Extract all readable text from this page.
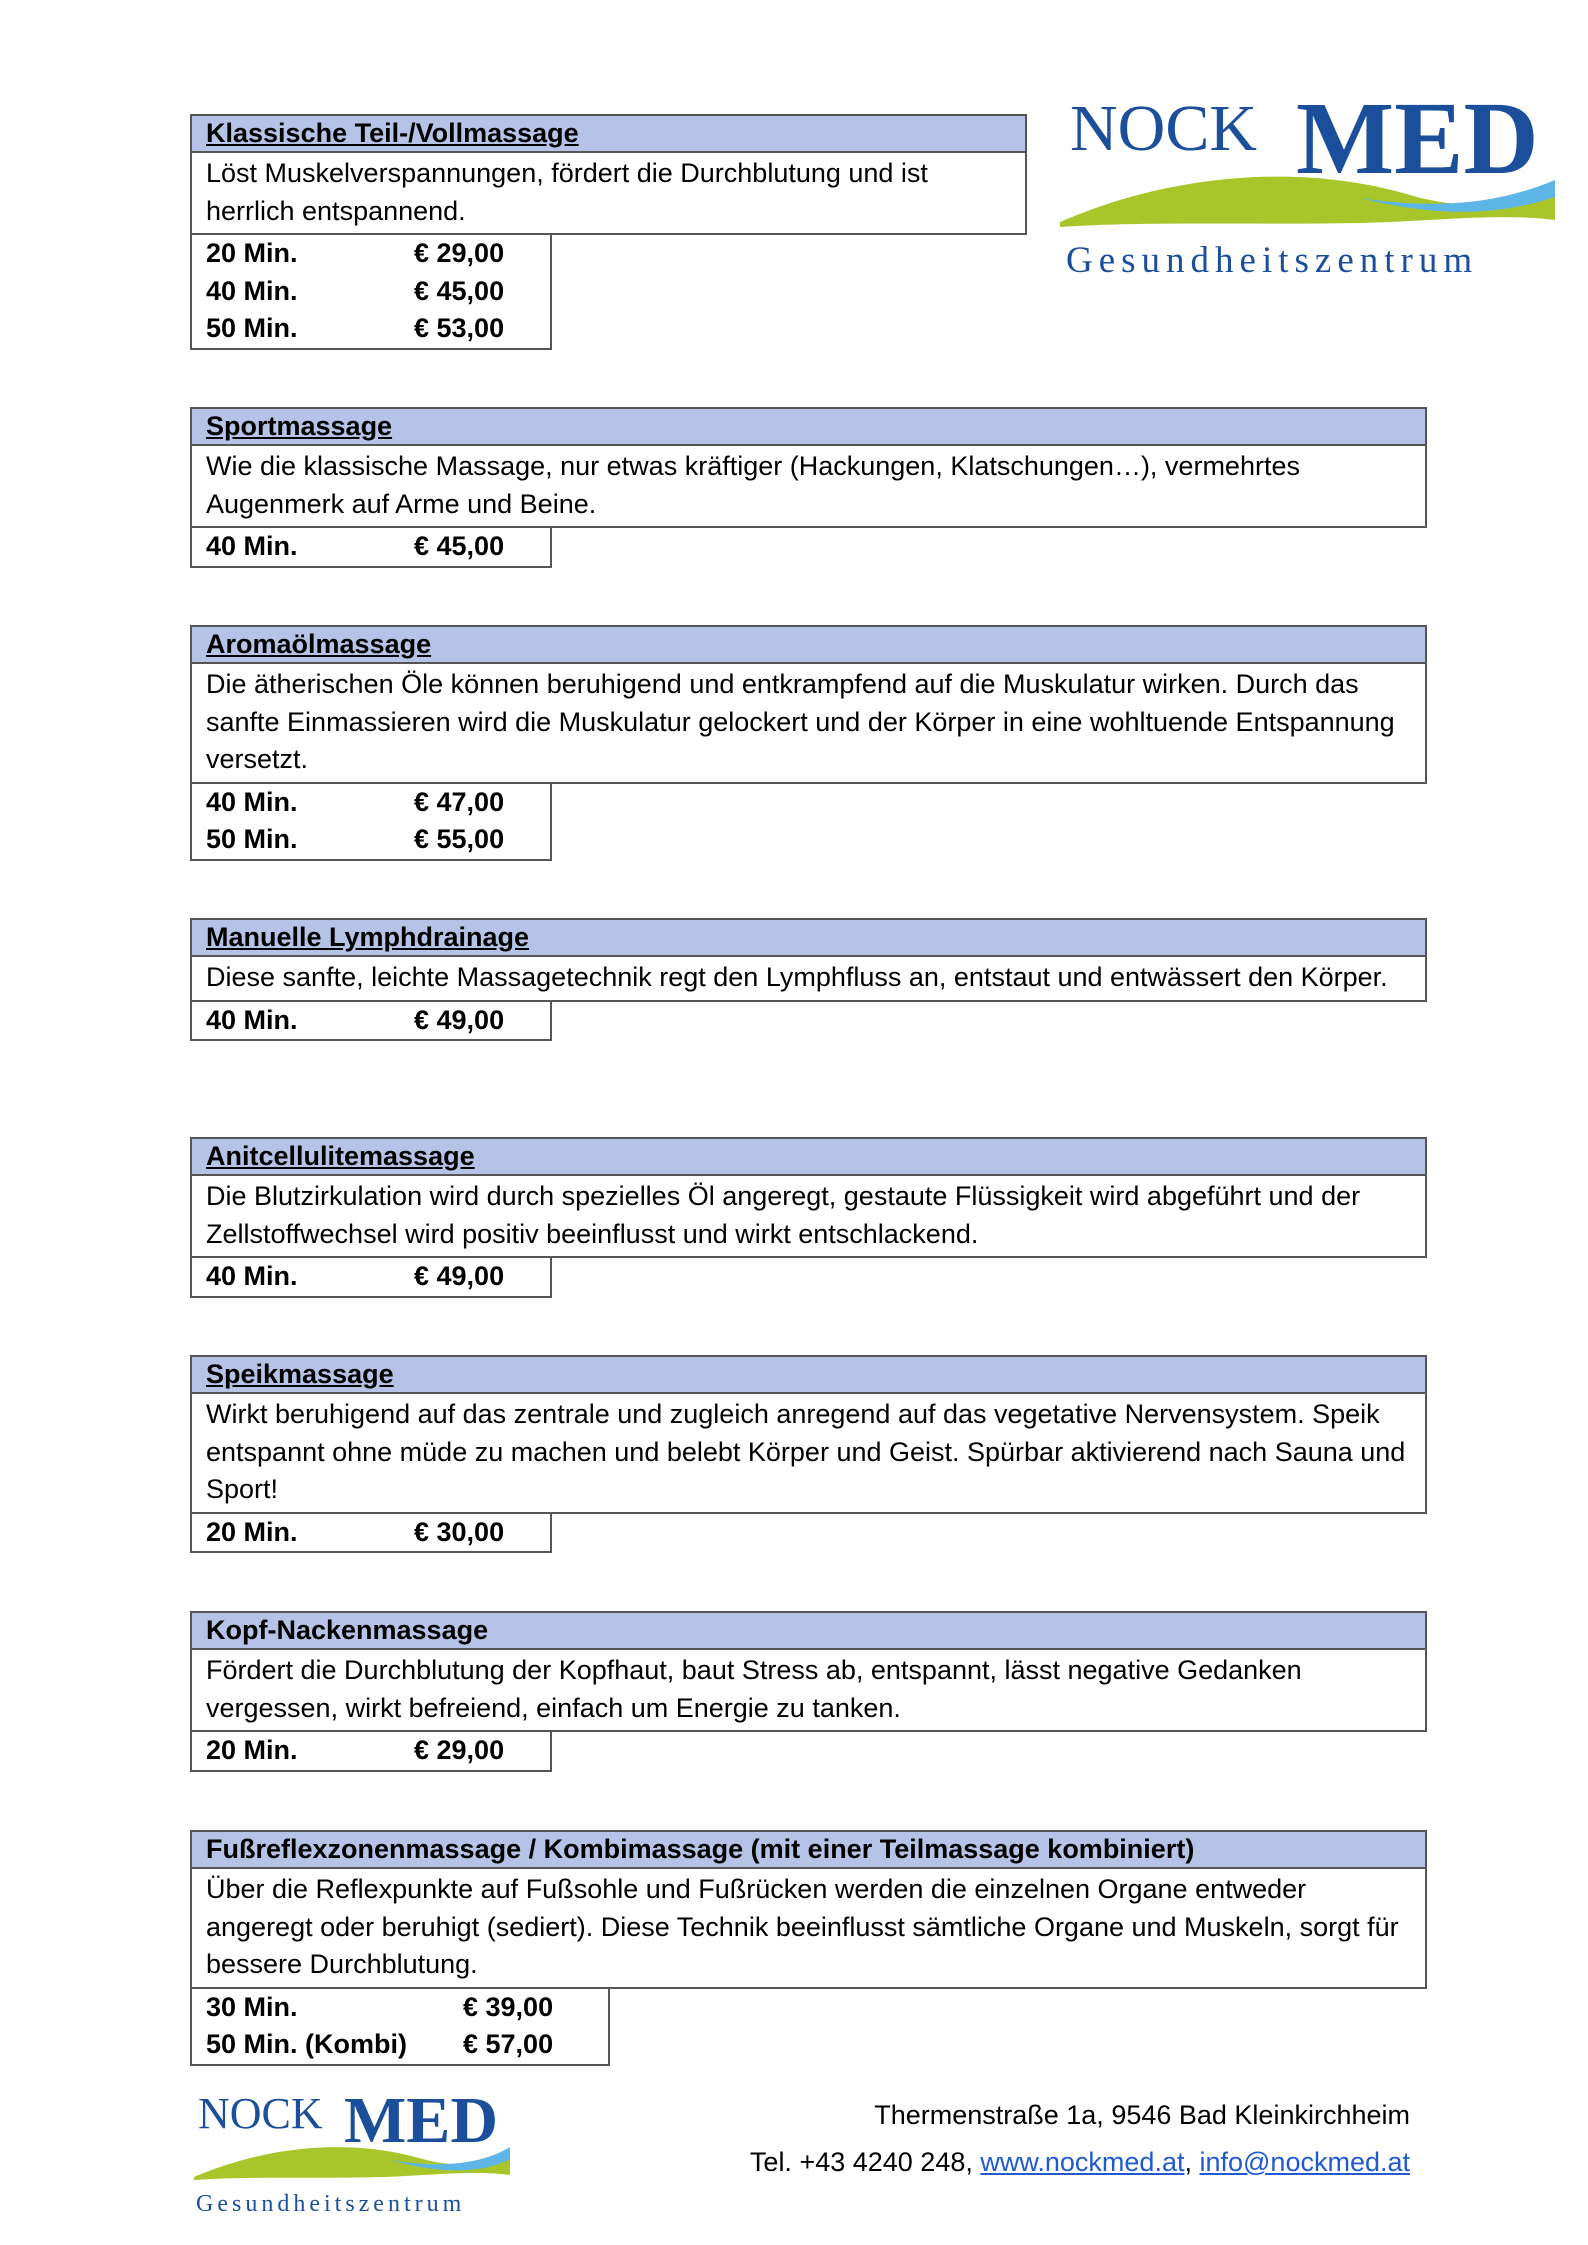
NOCK MED
Gesundheitszentrum
Klassische Teil-/Vollmassage
Löst Muskelverspannungen, fördert die Durchblutung und ist herrlich entspannend.
20 Min.	€ 29,00
40 Min.	€ 45,00
50 Min.	€ 53,00
Sportmassage
Wie die klassische Massage, nur etwas kräftiger (Hackungen, Klatschungen…), vermehrtes Augenmerk auf Arme und Beine.
40 Min.	€ 45,00
Aromaölmassage
Die ätherischen Öle können beruhigend und entkrampfend auf die Muskulatur wirken. Durch das sanfte Einmassieren wird die Muskulatur gelockert und der Körper in eine wohltuende Entspannung versetzt.
40 Min.	€ 47,00
50 Min.	€ 55,00
Manuelle Lymphdrainage
Diese sanfte, leichte Massagetechnik regt den Lymphfluss an, entstaut und entwässert den Körper.
40 Min.	€ 49,00
Anitcellulitemassage
Die Blutzirkulation wird durch spezielles Öl angeregt, gestaute Flüssigkeit wird abgeführt und der Zellstoffwechsel wird positiv beeinflusst und wirkt entschlackend.
40 Min.	€ 49,00
Speikmassage
Wirkt beruhigend auf das zentrale und zugleich anregend auf das vegetative Nervensystem. Speik entspannt ohne müde zu machen und belebt Körper und Geist. Spürbar aktivierend nach Sauna und Sport!
20 Min.	€ 30,00
Kopf-Nackenmassage
Fördert die Durchblutung der Kopfhaut, baut Stress ab, entspannt, lässt negative Gedanken vergessen, wirkt befreiend, einfach um Energie zu tanken.
20 Min.	€ 29,00
Fußreflexzonenmassage / Kombimassage (mit einer Teilmassage kombiniert)
Über die Reflexpunkte auf Fußsohle und Fußrücken werden die einzelnen Organe entweder angeregt oder beruhigt (sediert). Diese Technik beeinflusst sämtliche Organe und Muskeln, sorgt für bessere Durchblutung.
30 Min.	€ 39,00
50 Min. (Kombi)	€ 57,00
NOCK MED
Gesundheitszentrum
Thermenstraße 1a, 9546 Bad Kleinkirchheim
Tel. +43 4240 248, www.nockmed.at, info@nockmed.at
